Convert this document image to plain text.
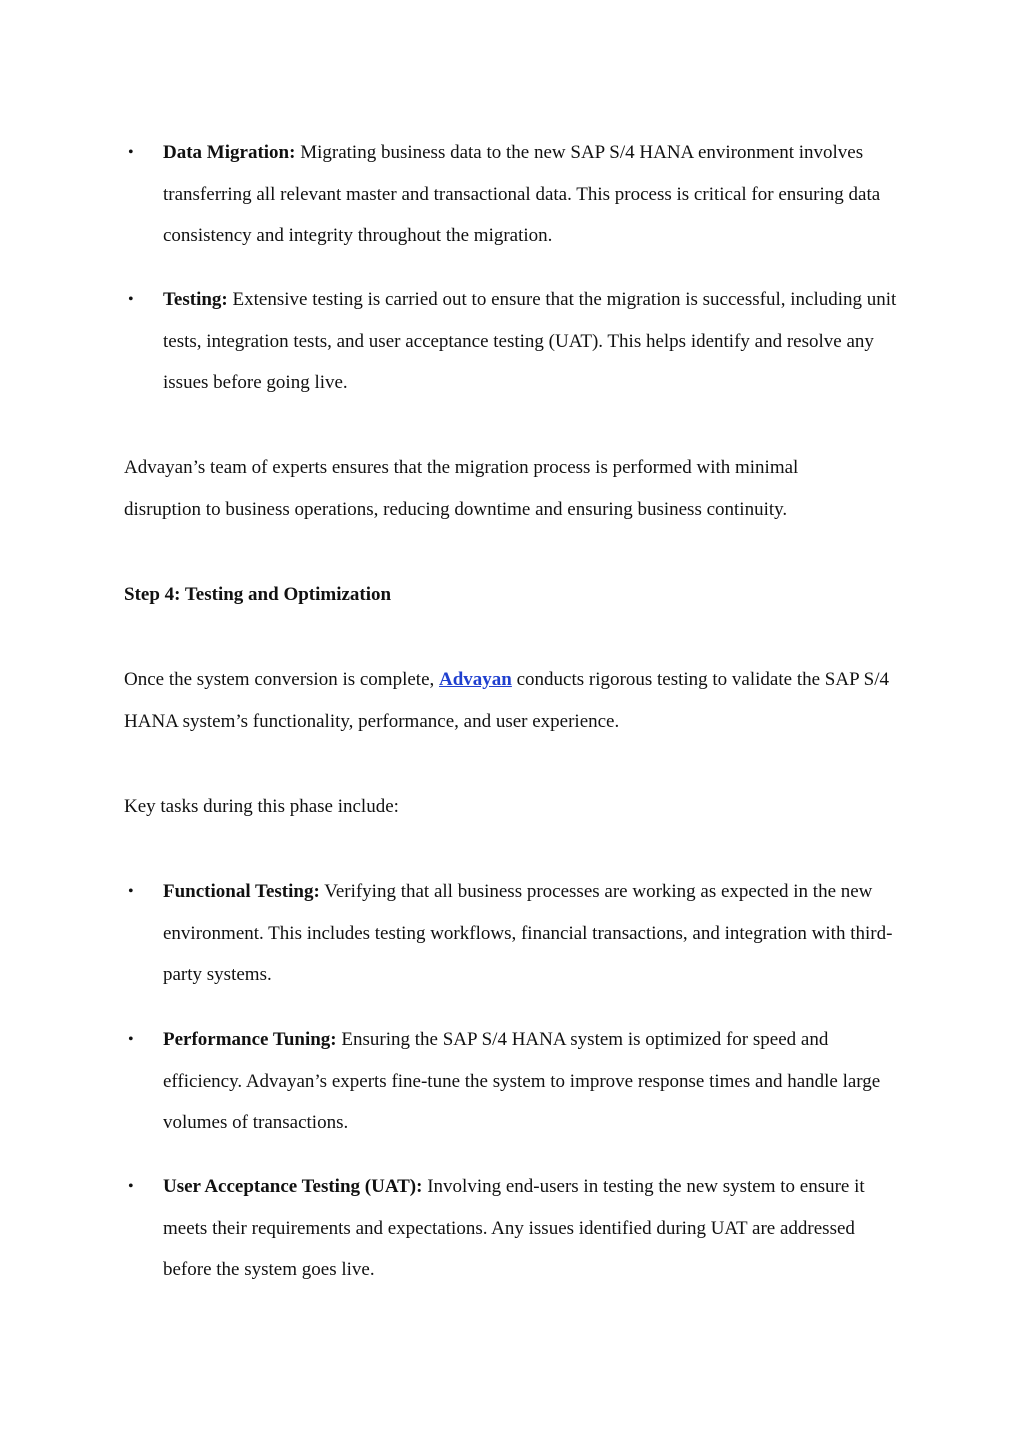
•	Data Migration: Migrating business data to the new SAP S/4 HANA environment involves transferring all relevant master and transactional data. This process is critical for ensuring data consistency and integrity throughout the migration.
•	Testing: Extensive testing is carried out to ensure that the migration is successful, including unit tests, integration tests, and user acceptance testing (UAT). This helps identify and resolve any issues before going live.

Advayan’s team of experts ensures that the migration process is performed with minimal disruption to business operations, reducing downtime and ensuring business continuity.

Step 4: Testing and Optimization

Once the system conversion is complete, Advayan conducts rigorous testing to validate the SAP S/4 HANA system’s functionality, performance, and user experience.

Key tasks during this phase include:

•	Functional Testing: Verifying that all business processes are working as expected in the new environment. This includes testing workflows, financial transactions, and integration with third-party systems.
•	Performance Tuning: Ensuring the SAP S/4 HANA system is optimized for speed and efficiency. Advayan’s experts fine-tune the system to improve response times and handle large volumes of transactions.
•	User Acceptance Testing (UAT): Involving end-users in testing the new system to ensure it meets their requirements and expectations. Any issues identified during UAT are addressed before the system goes live.
